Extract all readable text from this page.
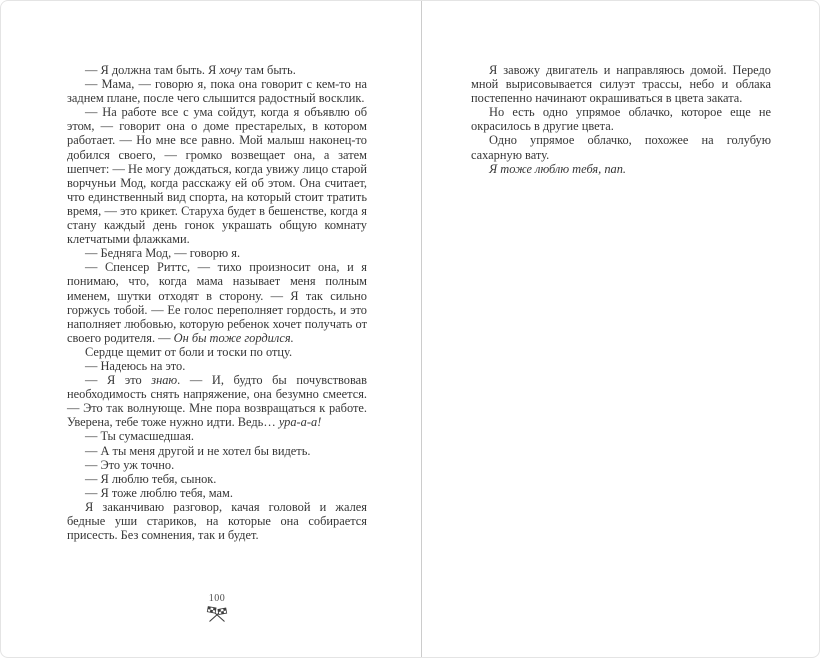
— Я должна там быть. Я хочу там быть.

— Мама, — говорю я, пока она говорит с кем-то на заднем плане, после чего слышится радостный восклик.

— На работе все с ума сойдут, когда я объявлю об этом, — говорит она о доме престарелых, в котором работает. — Но мне все равно. Мой малыш наконец-то добился своего, — громко возвещает она, а затем шепчет: — Не могу дождаться, когда увижу лицо старой ворчуньи Мод, когда расскажу ей об этом. Она считает, что единственный вид спорта, на который стоит тратить время, — это крикет. Старуха будет в бешенстве, когда я стану каждый день гонок украшать общую комнату клетчатыми флажками.

— Бедняга Мод, — говорю я.

— Спенсер Риттс, — тихо произносит она, и я понимаю, что, когда мама называет меня полным именем, шутки отходят в сторону. — Я так сильно горжусь тобой. — Ее голос переполняет гордость, и это наполняет любовью, которую ребенок хочет получать от своего родителя. — Он бы тоже гордился.

Сердце щемит от боли и тоски по отцу.

— Надеюсь на это.

— Я это знаю. — И, будто бы почувствовав необходимость снять напряжение, она безумно смеется. — Это так волнующе. Мне пора возвращаться к работе. Уверена, тебе тоже нужно идти. Ведь… ура-а-а!

— Ты сумасшедшая.

— А ты меня другой и не хотел бы видеть.

— Это уж точно.

— Я люблю тебя, сынок.

— Я тоже люблю тебя, мам.

Я заканчиваю разговор, качая головой и жалея бедные уши стариков, на которые она собирается присесть. Без сомнения, так и будет.

100

Я завожу двигатель и направляюсь домой. Передо мной вырисовывается силуэт трассы, небо и облака постепенно начинают окрашиваться в цвета заката.

Но есть одно упрямое облачко, которое еще не окрасилось в другие цвета.

Одно упрямое облачко, похожее на голубую сахарную вату.

Я тоже люблю тебя, пап.
